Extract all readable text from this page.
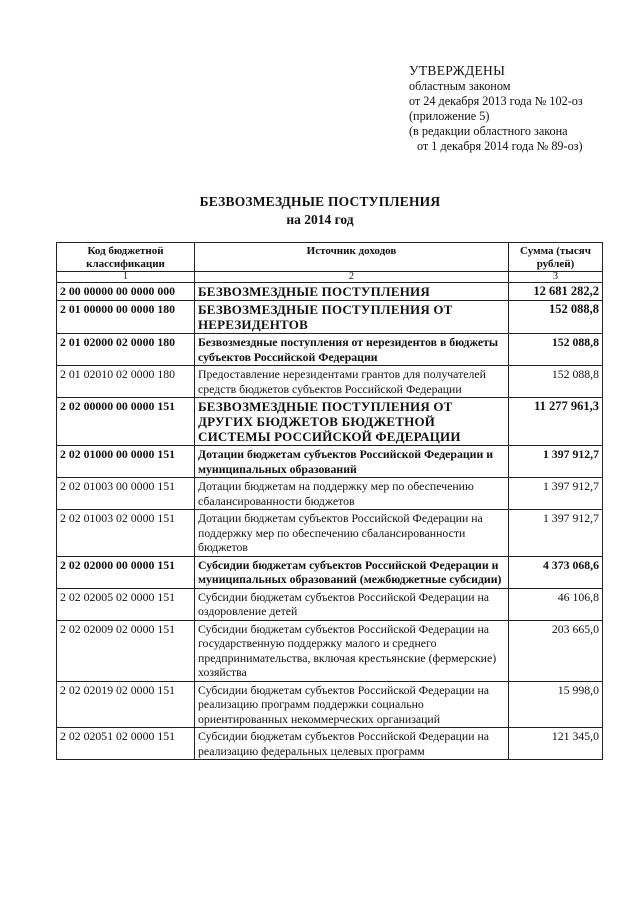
УТВЕРЖДЕНЫ
областным законом
от 24 декабря 2013 года № 102-оз
(приложение 5)
(в редакции областного закона
от 1 декабря 2014 года № 89-оз)
БЕЗВОЗМЕЗДНЫЕ ПОСТУПЛЕНИЯ
на 2014 год
Код бюджетной классификации	Источник доходов	Сумма (тысяч рублей)
1	2	3
2 00 00000 00 0000 000	БЕЗВОЗМЕЗДНЫЕ ПОСТУПЛЕНИЯ	12 681 282,2
2 01 00000 00 0000 180	БЕЗВОЗМЕЗДНЫЕ ПОСТУПЛЕНИЯ ОТ НЕРЕЗИДЕНТОВ	152 088,8
2 01 02000 02 0000 180	Безвозмездные поступления от нерезидентов в бюджеты субъектов Российской Федерации	152 088,8
2 01 02010 02 0000 180	Предоставление нерезидентами грантов для получателей средств бюджетов субъектов Российской Федерации	152 088,8
2 02 00000 00 0000 151	БЕЗВОЗМЕЗДНЫЕ ПОСТУПЛЕНИЯ ОТ ДРУГИХ БЮДЖЕТОВ БЮДЖЕТНОЙ СИСТЕМЫ РОССИЙСКОЙ ФЕДЕРАЦИИ	11 277 961,3
2 02 01000 00 0000 151	Дотации бюджетам субъектов Российской Федерации и муниципальных образований	1 397 912,7
2 02 01003 00 0000 151	Дотации бюджетам на поддержку мер по обеспечению сбалансированности бюджетов	1 397 912,7
2 02 01003 02 0000 151	Дотации бюджетам субъектов Российской Федерации на поддержку мер по обеспечению сбалансированности бюджетов	1 397 912,7
2 02 02000 00 0000 151	Субсидии бюджетам субъектов Российской Федерации и муниципальных образований (межбюджетные субсидии)	4 373 068,6
2 02 02005 02 0000 151	Субсидии бюджетам субъектов Российской Федерации на оздоровление детей	46 106,8
2 02 02009 02 0000 151	Субсидии бюджетам субъектов Российской Федерации на государственную поддержку малого и среднего предпринимательства, включая крестьянские (фермерские) хозяйства	203 665,0
2 02 02019 02 0000 151	Субсидии бюджетам субъектов Российской Федерации на реализацию программ поддержки социально ориентированных некоммерческих организаций	15 998,0
2 02 02051 02 0000 151	Субсидии бюджетам субъектов Российской Федерации на реализацию федеральных целевых программ	121 345,0
